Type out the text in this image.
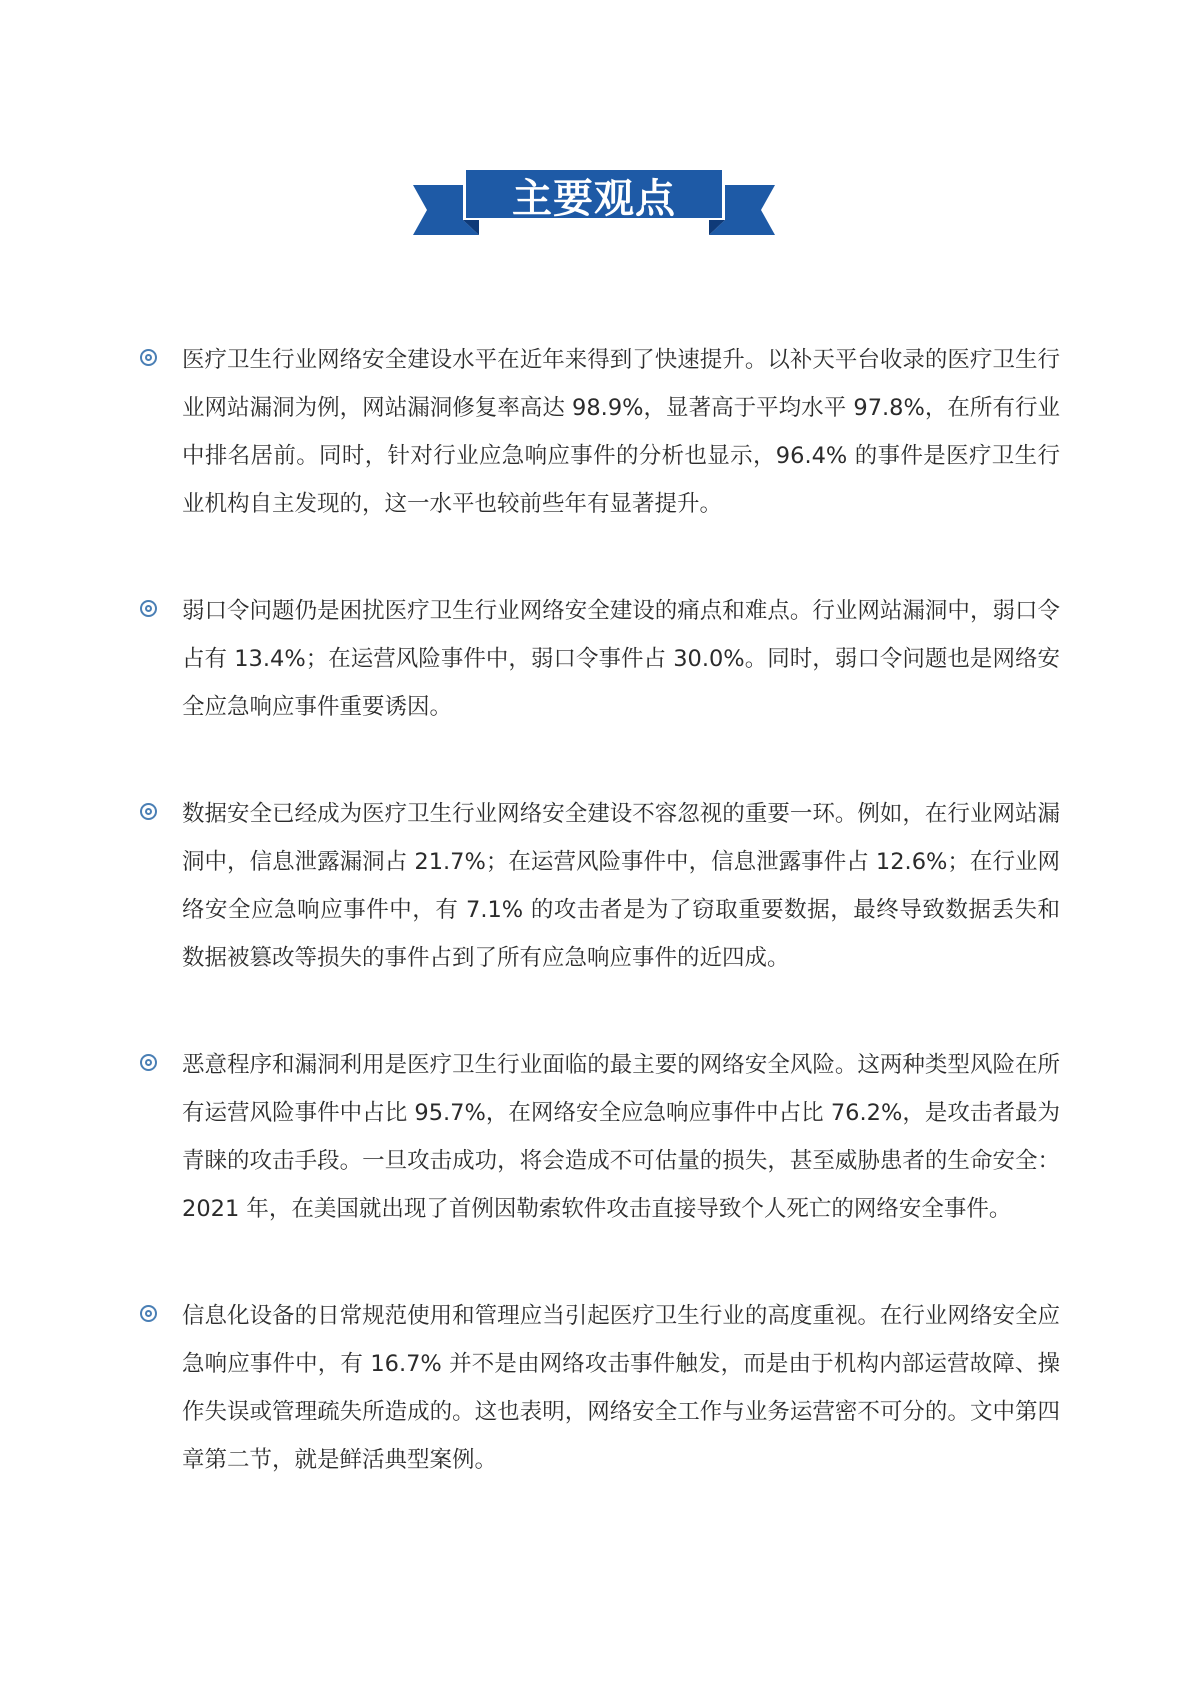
主要观点
医疗卫生行业网络安全建设水平在近年来得到了快速提升。以补天平台收录的医疗卫生行业网站漏洞为例，网站漏洞修复率高达 98.9%，显著高于平均水平 97.8%，在所有行业中排名居前。同时，针对行业应急响应事件的分析也显示，96.4% 的事件是医疗卫生行业机构自主发现的，这一水平也较前些年有显著提升。
弱口令问题仍是困扰医疗卫生行业网络安全建设的痛点和难点。行业网站漏洞中，弱口令占有 13.4%；在运营风险事件中，弱口令事件占 30.0%。同时，弱口令问题也是网络安全应急响应事件重要诱因。
数据安全已经成为医疗卫生行业网络安全建设不容忽视的重要一环。例如，在行业网站漏洞中，信息泄露漏洞占 21.7%；在运营风险事件中，信息泄露事件占 12.6%；在行业网络安全应急响应事件中，有 7.1% 的攻击者是为了窃取重要数据，最终导致数据丢失和数据被篡改等损失的事件占到了所有应急响应事件的近四成。
恶意程序和漏洞利用是医疗卫生行业面临的最主要的网络安全风险。这两种类型风险在所有运营风险事件中占比 95.7%，在网络安全应急响应事件中占比 76.2%，是攻击者最为青睐的攻击手段。一旦攻击成功，将会造成不可估量的损失，甚至威胁患者的生命安全：2021 年，在美国就出现了首例因勒索软件攻击直接导致个人死亡的网络安全事件。
信息化设备的日常规范使用和管理应当引起医疗卫生行业的高度重视。在行业网络安全应急响应事件中，有 16.7% 并不是由网络攻击事件触发，而是由于机构内部运营故障、操作失误或管理疏失所造成的。这也表明，网络安全工作与业务运营密不可分的。文中第四章第二节，就是鲜活典型案例。
